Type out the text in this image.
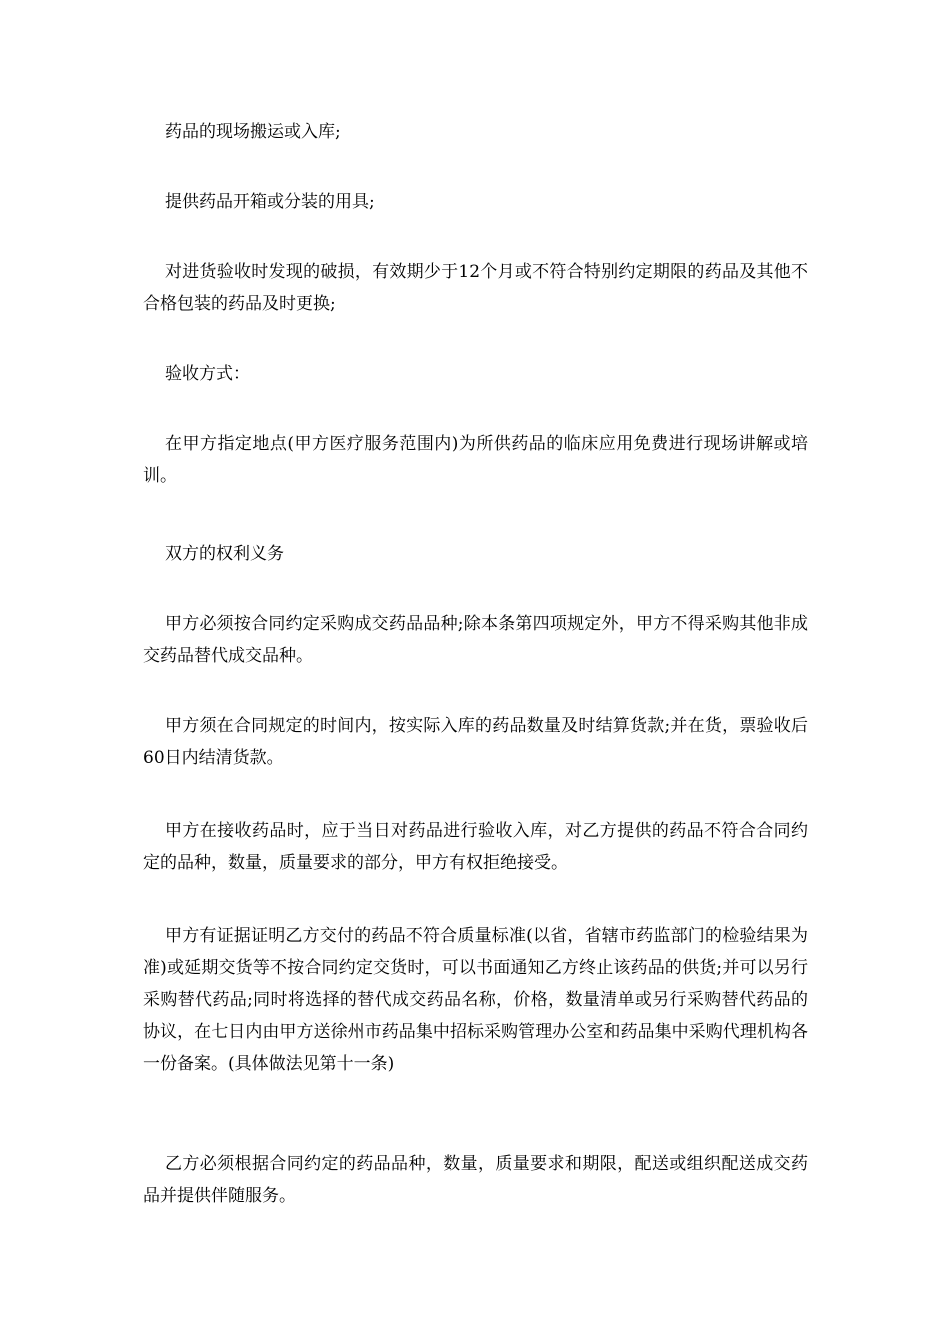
药品的现场搬运或入库;

提供药品开箱或分装的用具;

对进货验收时发现的破损，有效期少于12个月或不符合特别约定期限的药品及其他不合格包装的药品及时更换;

验收方式：

在甲方指定地点(甲方医疗服务范围内)为所供药品的临床应用免费进行现场讲解或培训。

双方的权利义务

甲方必须按合同约定采购成交药品品种;除本条第四项规定外，甲方不得采购其他非成交药品替代成交品种。

甲方须在合同规定的时间内，按实际入库的药品数量及时结算货款;并在货，票验收后60日内结清货款。

甲方在接收药品时，应于当日对药品进行验收入库，对乙方提供的药品不符合合同约定的品种，数量，质量要求的部分，甲方有权拒绝接受。

甲方有证据证明乙方交付的药品不符合质量标准(以省，省辖市药监部门的检验结果为准)或延期交货等不按合同约定交货时，可以书面通知乙方终止该药品的供货;并可以另行采购替代药品;同时将选择的替代成交药品名称，价格，数量清单或另行采购替代药品的协议，在七日内由甲方送徐州市药品集中招标采购管理办公室和药品集中采购代理机构各一份备案。(具体做法见第十一条)

乙方必须根据合同约定的药品品种，数量，质量要求和期限，配送或组织配送成交药品并提供伴随服务。
